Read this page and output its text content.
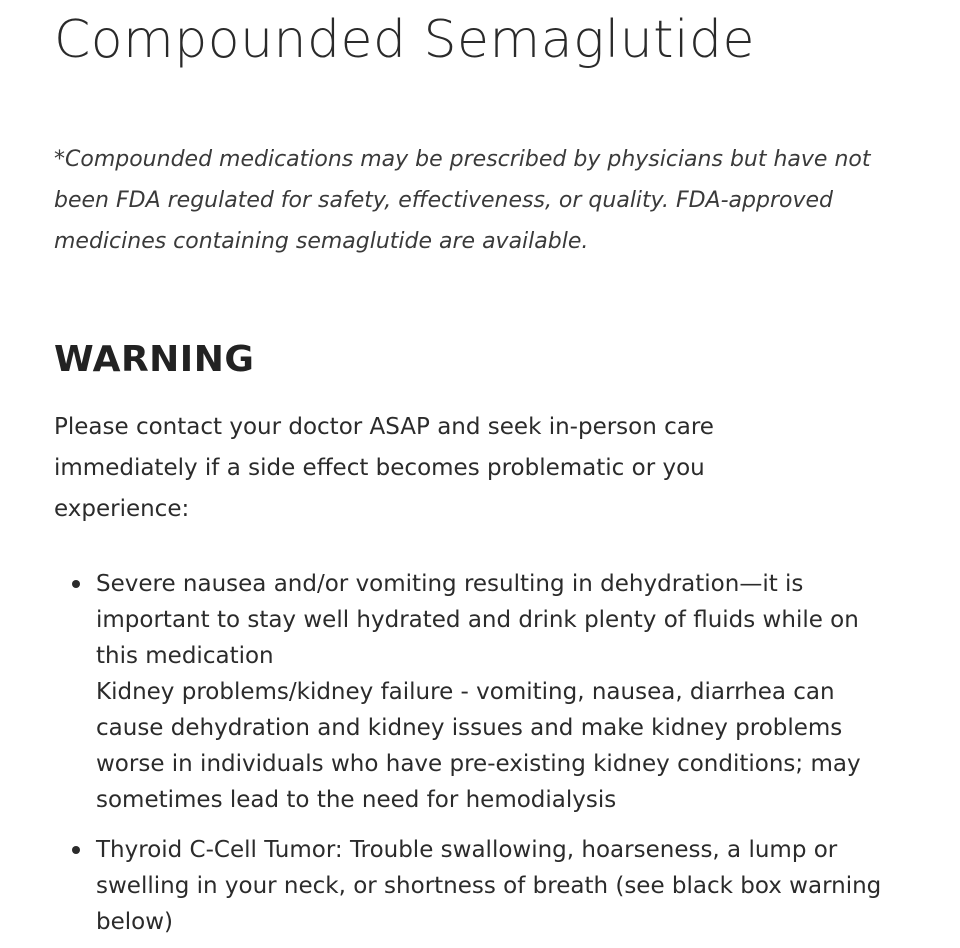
Compounded Semaglutide

*Compounded medications may be prescribed by physicians but have not been FDA regulated for safety, effectiveness, or quality. FDA-approved medicines containing semaglutide are available.

WARNING

Please contact your doctor ASAP and seek in-person care immediately if a side effect becomes problematic or you experience:

Severe nausea and/or vomiting resulting in dehydration—it is important to stay well hydrated and drink plenty of fluids while on this medication
Kidney problems/kidney failure - vomiting, nausea, diarrhea can cause dehydration and kidney issues and make kidney problems worse in individuals who have pre-existing kidney conditions; may sometimes lead to the need for hemodialysis
Thyroid C-Cell Tumor: Trouble swallowing, hoarseness, a lump or swelling in your neck, or shortness of breath (see black box warning below)
